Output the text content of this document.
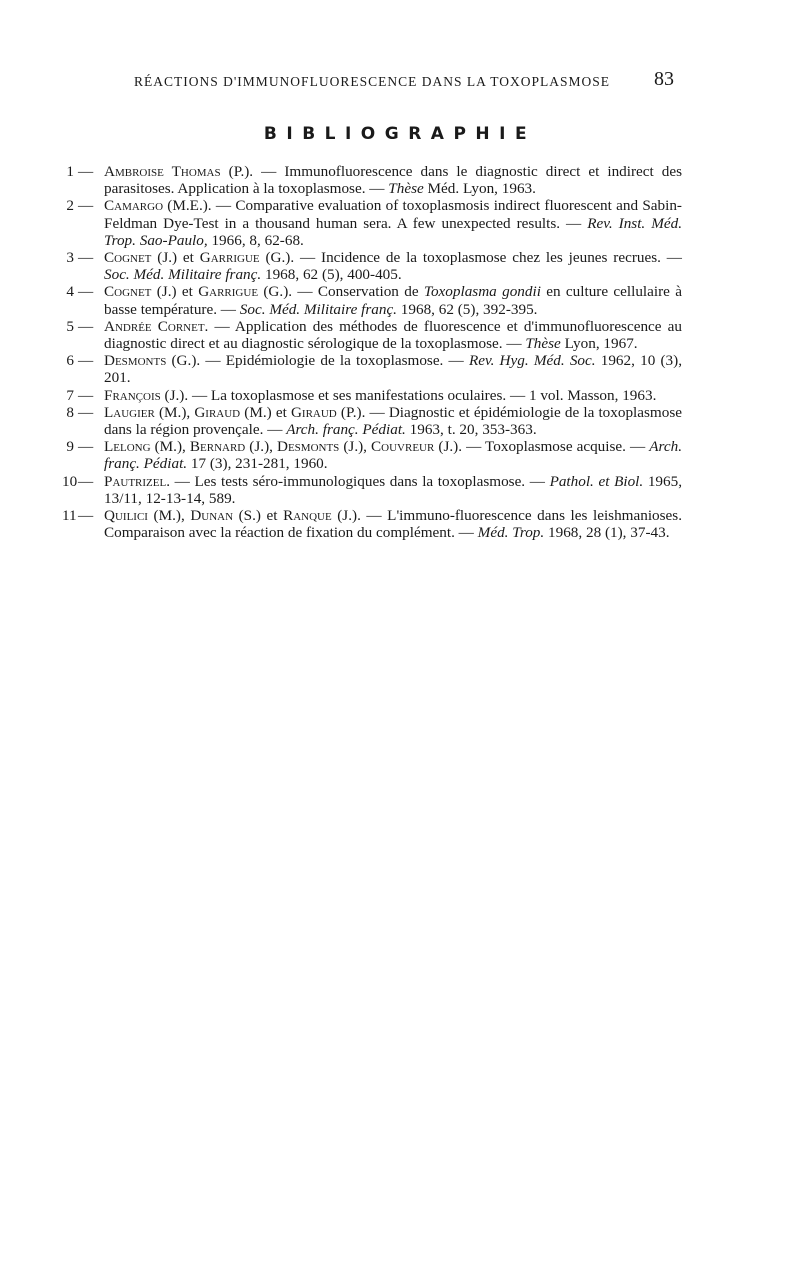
RÉACTIONS D'IMMUNOFLUORESCENCE DANS LA TOXOPLASMOSE 83
BIBLIOGRAPHIE
1 — Ambroise Thomas (P.). — Immunofluorescence dans le diagnostic direct et indirect des parasitoses. Application à la toxoplasmose. — Thèse Méd. Lyon, 1963.
2 — Camargo (M.E.). — Comparative evaluation of toxoplasmosis indirect fluorescent and Sabin-Feldman Dye-Test in a thousand human sera. A few unexpected results. — Rev. Inst. Méd. Trop. Sao-Paulo, 1966, 8, 62-68.
3 — Cognet (J.) et Garrigue (G.). — Incidence de la toxoplasmose chez les jeunes recrues. — Soc. Méd. Militaire franç. 1968, 62 (5), 400-405.
4 — Cognet (J.) et Garrigue (G.). — Conservation de Toxoplasma gondii en culture cellulaire à basse température. — Soc. Méd. Militaire franç. 1968, 62 (5), 392-395.
5 — Andrée Cornet. — Application des méthodes de fluorescence et d'immunofluorescence au diagnostic direct et au diagnostic sérologique de la toxoplasmose. — Thèse Lyon, 1967.
6 — Desmonts (G.). — Epidémiologie de la toxoplasmose. — Rev. Hyg. Méd. Soc. 1962, 10 (3), 201.
7 — François (J.). — La toxoplasmose et ses manifestations oculaires. — 1 vol. Masson, 1963.
8 — Laugier (M.), Giraud (M.) et Giraud (P.). — Diagnostic et épidémiologie de la toxoplasmose dans la région provençale. — Arch. franç. Pédiat. 1963, t. 20, 353-363.
9 — Lelong (M.), Bernard (J.), Desmonts (J.), Couvreur (J.). — Toxoplasmose acquise. — Arch. franç. Pédiat. 17 (3), 231-281, 1960.
10 — Pautrizel. — Les tests séro-immunologiques dans la toxoplasmose. — Pathol. et Biol. 1965, 13/11, 12-13-14, 589.
11 — Quilici (M.), Dunan (S.) et Ranque (J.). — L'immuno-fluorescence dans les leishmanioses. Comparaison avec la réaction de fixation du complément. — Méd. Trop. 1968, 28 (1), 37-43.
